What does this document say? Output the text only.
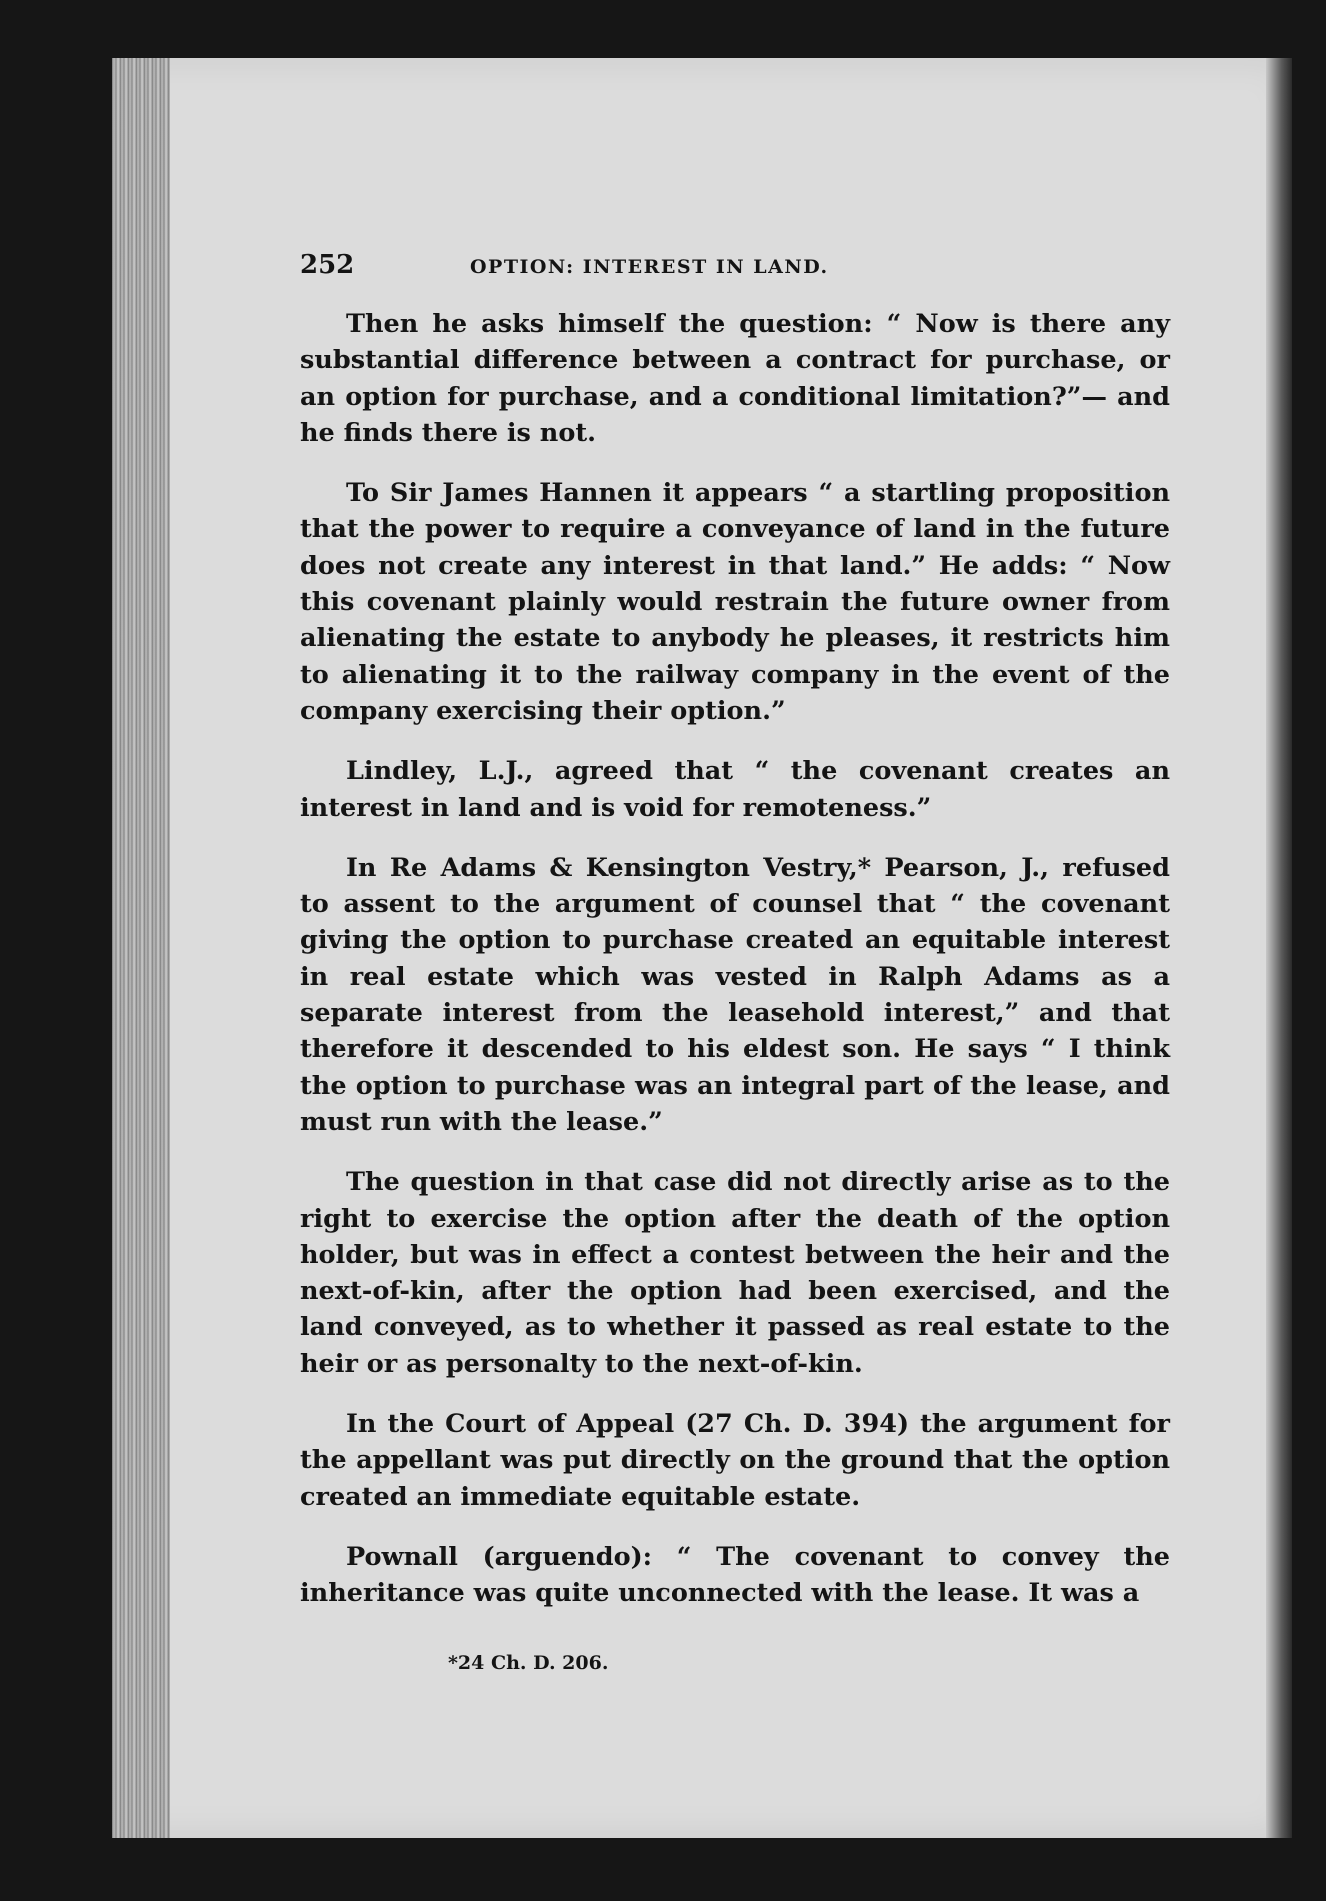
252	OPTION: INTEREST IN LAND.

Then he asks himself the question: “ Now is there any substantial difference between a contract for purchase, or an option for purchase, and a conditional limitation?”— and he finds there is not.

To Sir James Hannen it appears “ a startling proposition that the power to require a conveyance of land in the future does not create any interest in that land.” He adds: “ Now this covenant plainly would restrain the future owner from alienating the estate to anybody he pleases, it restricts him to alienating it to the railway company in the event of the company exercising their option.”

Lindley, L.J., agreed that “ the covenant creates an interest in land and is void for remoteness.”

In Re Adams & Kensington Vestry,* Pearson, J., refused to assent to the argument of counsel that “ the covenant giving the option to purchase created an equitable interest in real estate which was vested in Ralph Adams as a separate interest from the leasehold interest,” and that therefore it descended to his eldest son. He says “ I think the option to purchase was an integral part of the lease, and must run with the lease.”

The question in that case did not directly arise as to the right to exercise the option after the death of the option holder, but was in effect a contest between the heir and the next-of-kin, after the option had been exercised, and the land conveyed, as to whether it passed as real estate to the heir or as personalty to the next-of-kin.

In the Court of Appeal (27 Ch. D. 394) the argument for the appellant was put directly on the ground that the option created an immediate equitable estate.

Pownall (arguendo): “ The covenant to convey the inheritance was quite unconnected with the lease. It was a

*24 Ch. D. 206.
